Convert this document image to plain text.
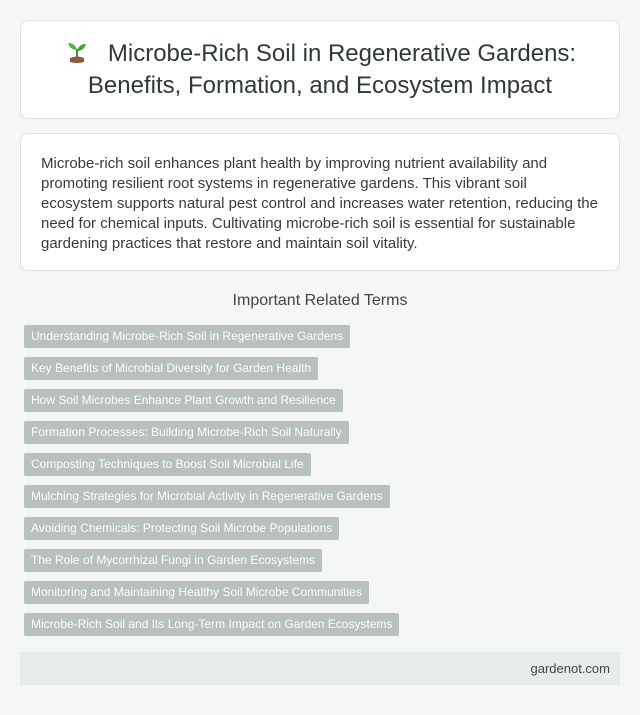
Microbe-Rich Soil in Regenerative Gardens: Benefits, Formation, and Ecosystem Impact

Microbe-rich soil enhances plant health by improving nutrient availability and promoting resilient root systems in regenerative gardens. This vibrant soil ecosystem supports natural pest control and increases water retention, reducing the need for chemical inputs. Cultivating microbe-rich soil is essential for sustainable gardening practices that restore and maintain soil vitality.

Important Related Terms
Understanding Microbe-Rich Soil in Regenerative Gardens
Key Benefits of Microbial Diversity for Garden Health
How Soil Microbes Enhance Plant Growth and Resilience
Formation Processes: Building Microbe-Rich Soil Naturally
Composting Techniques to Boost Soil Microbial Life
Mulching Strategies for Microbial Activity in Regenerative Gardens
Avoiding Chemicals: Protecting Soil Microbe Populations
The Role of Mycorrhizal Fungi in Garden Ecosystems
Monitoring and Maintaining Healthy Soil Microbe Communities
Microbe-Rich Soil and Its Long-Term Impact on Garden Ecosystems
gardenot.com
